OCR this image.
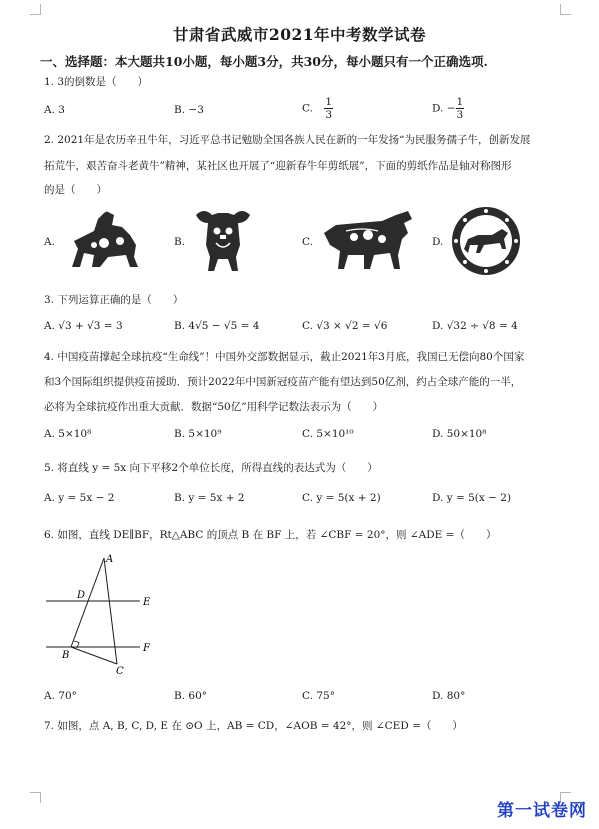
甘肃省武威市2021年中考数学试卷
一、选择题：本大题共10小题，每小题3分，共30分，每小题只有一个正确选项.
1. 3的倒数是（　　）
A. 3	B. −3	C. $\frac{1}{3}$	D. − $\frac{1}{3}$
2. 2021年是农历辛丑牛年，习近平总书记勉励全国各族人民在新的一年发扬“为民服务孺子牛，创新发展
拓荒牛，艰苦奋斗老黄牛”精神，某社区也开展了“迎新春牛年剪纸展”，下面的剪纸作品是轴对称图形
的是（　　）
A.	B.	C.	D.
3. 下列运算正确的是（　　）
A. √3 + √3 = 3	B. 4√5 − √5 = 4	C. √3 × √2 = √6	D. √32 ÷ √8 = 4
4. 中国疫苗撑起全球抗疫“生命线”！中国外交部数据显示，截止2021年3月底，我国已无偿向80个国家
和3个国际组织提供疫苗援助．预计2022年中国新冠疫苗产能有望达到50亿剂，约占全球产能的一半，
必将为全球抗疫作出重大贡献．数据“50亿”用科学记数法表示为（　　）
A. 5×10⁸	B. 5×10⁹	C. 5×10¹⁰	D. 50×10⁸
5. 将直线 y = 5x 向下平移2个单位长度，所得直线的表达式为（　　）
A. y = 5x − 2	B. y = 5x + 2	C. y = 5(x + 2)	D. y = 5(x − 2)
6. 如图，直线 DE∥BF，Rt△ABC 的顶点 B 在 BF 上，若 ∠CBF = 20°，则 ∠ADE =（　　）
A
D
E
B
F
C
A. 70°	B. 60°	C. 75°	D. 80°
7. 如图，点 A, B, C, D, E 在 ⊙O 上，AB = CD，∠AOB = 42°，则 ∠CED =（　　）
第一试卷网
